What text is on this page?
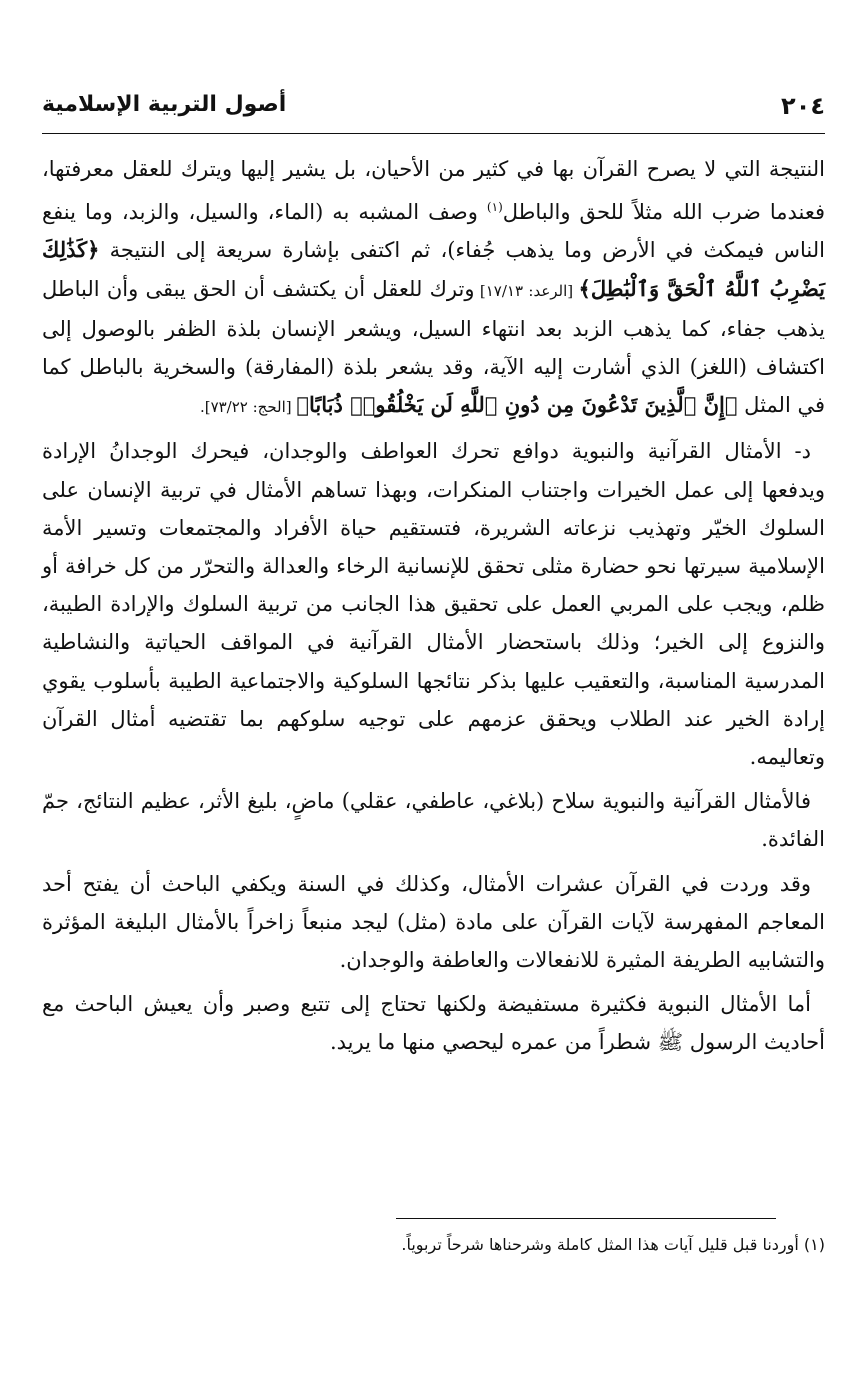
٢٠٤
أصول التربية الإسلامية

النتيجة التي لا يصرح القرآن بها في كثير من الأحيان، بل يشير إليها ويترك للعقل معرفتها، فعندما ضرب الله مثلاً للحق والباطل$^{(١)}$ وصف المشبه به (الماء، والسيل، والزبد، وما ينفع الناس فيمكث في الأرض وما يذهب جُفاء)، ثم اكتفى بإشارة سريعة إلى النتيجة ﴿كَذَٰلِكَ يَضْرِبُ ٱللَّهُ ٱلْحَقَّ وَٱلْبَٰطِلَ﴾ [الرعد: ١٧/١٣] وترك للعقل أن يكتشف أن الحق يبقى وأن الباطل يذهب جفاء، كما يذهب الزبد بعد انتهاء السيل، ويشعر الإنسان بلذة الظفر بالوصول إلى اكتشاف (اللغز) الذي أشارت إليه الآية، وقد يشعر بلذة (المفارقة) والسخرية بالباطل كما في المثل ﴿إِنَّ ٱلَّذِينَ تَدْعُونَ مِن دُونِ ٱللَّهِ لَن يَخْلُقُوا۟ ذُبَابًا﴾ [الحج: ٧٣/٢٢].

د- الأمثال القرآنية والنبوية دوافع تحرك العواطف والوجدان، فيحرك الوجدانُ الإرادة ويدفعها إلى عمل الخيرات واجتناب المنكرات، وبهذا تساهم الأمثال في تربية الإنسان على السلوك الخيّر وتهذيب نزعاته الشريرة، فتستقيم حياة الأفراد والمجتمعات وتسير الأمة الإسلامية سيرتها نحو حضارة مثلى تحقق للإنسانية الرخاء والعدالة والتحرّر من كل خرافة أو ظلم، ويجب على المربي العمل على تحقيق هذا الجانب من تربية السلوك والإرادة الطيبة، والنزوع إلى الخير؛ وذلك باستحضار الأمثال القرآنية في المواقف الحياتية والنشاطية المدرسية المناسبة، والتعقيب عليها بذكر نتائجها السلوكية والاجتماعية الطيبة بأسلوب يقوي إرادة الخير عند الطلاب ويحقق عزمهم على توجيه سلوكهم بما تقتضيه أمثال القرآن وتعاليمه.

فالأمثال القرآنية والنبوية سلاح (بلاغي، عاطفي، عقلي) ماضٍ، بليغ الأثر، عظيم النتائج، جمّ الفائدة.

وقد وردت في القرآن عشرات الأمثال، وكذلك في السنة ويكفي الباحث أن يفتح أحد المعاجم المفهرسة لآيات القرآن على مادة (مثل) ليجد منبعاً زاخراً بالأمثال البليغة المؤثرة والتشابيه الطريفة المثيرة للانفعالات والعاطفة والوجدان.

أما الأمثال النبوية فكثيرة مستفيضة ولكنها تحتاج إلى تتبع وصبر وأن يعيش الباحث مع أحاديث الرسول ﷺ شطراً من عمره ليحصي منها ما يريد.

(١) أوردنا قبل قليل آيات هذا المثل كاملة وشرحناها شرحاً تربوياً.
